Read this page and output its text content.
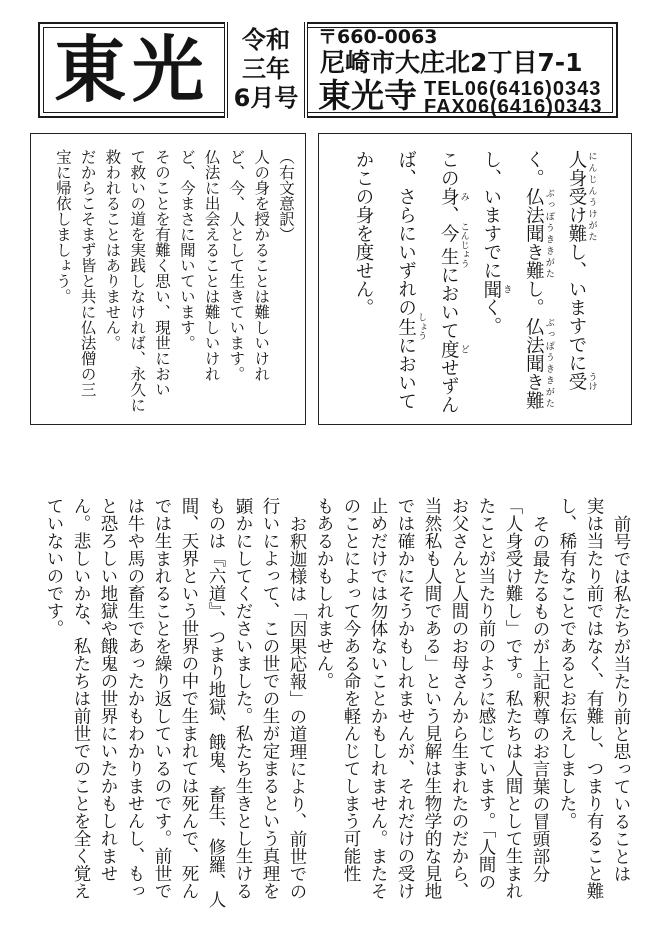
東光	令和
三年
6月号
〒660-0063
尼崎市大庄北2丁目7-1
東光寺 TEL06(6416)0343
FAX06(6416)0343
（右文意訳）
人の身を授かることは難しいけれ
ど、今、人として生きています。
仏法に出会えることは難しいけれ
ど、今まさに聞いています。
そのことを有難く思い、現世におい
て救いの道を実践しなければ、永久に
救われることはありません。
だからこそまず皆と共に仏法僧の三
宝に帰依しましょう。	人身受け難 にんじんうけがたし、いますでに受 うけ
く。仏法聞き難 ぶっぽうききがたし。仏法聞き難 ぶっぽうききがた
し、いますでに聞 きく。
この身 み、今生 こんじょうにおいて度 どせずん
ば、さらにいずれの生 しょうにおいて
かこの身を度せん。
前号では私たちが当たり前と思っていることは
実は当たり前ではなく、有難し、つまり有ること難
し、稀有なことであるとお伝えしました。
その最たるものが上記釈尊のお言葉の冒頭部分
「人身受け難し」です。私たちは人間として生まれ
たことが当たり前のように感じています。「人間の
お父さんと人間のお母さんから生まれたのだから、
当然私も人間である」という見解は生物学的な見地
では確かにそうかもしれませんが、それだけの受け
止めだけでは勿体ないことかもしれません。またそ
のことによって今ある命を軽んじてしまう可能性
もあるかもしれません。
お釈迦様は「因果応報」の道理により、前世での
行いによって、この世での生が定まるという真理を
顕かにしてくださいました。私たち生きとし生ける
ものは『六道』、つまり地獄、餓鬼、畜生、修羅、人
間、天界という世界の中で生まれては死んで、死ん
では生まれることを繰り返しているのです。前世で
は牛や馬の畜生であったかもわかりませんし、もっ
と恐ろしい地獄や餓鬼の世界にいたかもしれませ
ん。悲しいかな、私たちは前世でのことを全く覚え
ていないのです。
